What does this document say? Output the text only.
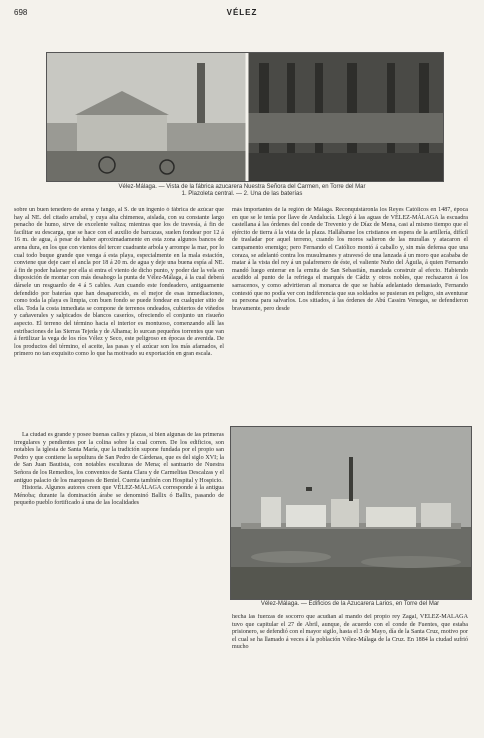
698	VÉLEZ
Vélez-Málaga. — Vista de la fábrica azucarera Nuestra Señora del Carmen, en Torre del Mar
1. Plazoleta central. — 2. Una de las baterías

sobre un buen tenedero de arena y fango, al S. de un ingenio ó fábrica de azúcar que hay al NE. del citado arrabal, y cuya alta chimenea, aislada, con su constante largo penacho de humo, sirve de excelente valiza; mientras que los de travesía, á fin de facilitar su descarga, que se hace con el auxilio de barcazas, suelen fondear por 12 á 16 m. de agua, á pesar de haber aproximadamente en esta zona algunos bancos de arena dura, en los que con vientos del tercer cuadrante arbola y arrompe la mar, por lo cual todo buque grande que venga á esta playa, especialmente en la mala estación, conviene que deje caer el ancla por 18 á 20 m. de agua y deje una buena espía al NE. á fin de poder halarse por ella si entra el viento de dicho punto, y poder dar la vela en disposición de montar con más desahogo la punta de Vélez-Málaga, á la cual deberá dársele un resguardo de 4 á 5 cables. Aun cuando este fondeadero, antiguamente defendido por baterías que han desaparecido, es el mejor de esas inmediaciones, como toda la playa es limpia, con buen fondo se puede fondear en cualquier sitio de ella. Toda la costa inmediata se compone de terrenos ondeados, cubiertos de viñedos y cañaverales y salpicados de blancos caseríos, ofreciendo el conjunto un risueño aspecto. El terreno del término hacia el interior es montuoso, comenzando allí las estribaciones de las Sierras Tejeda y de Alhama; lo surcan pequeños torrentes que van á fertilizar la vega de los ríos Vélez y Seco, este peligroso en épocas de avenida. De los productos del término, el aceite, las pasas y el azúcar son los más afamados, el primero no tan exquisito como lo que ha motivado su exportación en gran escala.

La ciudad es grande y posee buenas calles y plazas, si bien algunas de las primeras irregulares y pendientes por la colina sobre la cual corren. De los edificios, son notables la iglesia de Santa María, que la tradición supone fundada por el propio san Pedro y que contiene la sepultura de San Pedro de Cárdenas, que es del siglo XVI; la de San Juan Bautista, con notables esculturas de Mena; el santuario de Nuestra Señora de los Remedios, los conventos de Santa Clara y de Carmelitas Descalzas y el antiguo palacio de los marqueses de Beniel. Cuenta también con Hospital y Hospicio.

Historia. Algunos autores creen que VÉLEZ-MÁLAGA corresponde á la antigua Ménoba; durante la dominación árabe se denominó Ballix ó Ballix, pasando de pequeño pueblo fortificado á una de las localidades

más importantes de la región de Málaga. Reconquistáronla los Reyes Católicos en 1487, época en que se le tenía por llave de Andalucía. Llegó á las aguas de VÉLEZ-MÁLAGA la escuadra castellana á las órdenes del conde de Trevento y de Díaz de Mena, casi al mismo tiempo que el ejército de tierra á la vista de la plaza. Hallábanse los cristianos en espera de la artillería, difícil de trasladar por aquel terreno, cuando los moros salieron de las murallas y atacaron el campamento enemigo; pero Fernando el Católico montó á caballo y, sin más defensa que una coraza, se adelantó contra los musulmanes y atravesó de una lanzada á un moro que acababa de matar á la vista del rey á un palafrenero de éste, el valiente Nuño del Águila, á quien Fernando mandó luego enterrar en la ermita de San Sebastián, mandada construir al efecto. Habiendo acudido al punto de la refriega el marqués de Cádiz y otros nobles, que rechazaron á los sarracenos, y como advirtieran al monarca de que se había adelantado demasiado, Fernando contestó que no podía ver con indiferencia que sus soldados se pusieran en peligro, sin aventurar su persona para salvarlos. Los sitiados, á las órdenes de Abú Cassim Venegas, se defendieron bravamente, pero desde

Vélez-Málaga. — Edificios de la Azucarera Larios, en Torre del Mar

hecha las fuerzas de socorro que acudían al mando del propio rey Zagal, VÉLEZ-MÁLAGA tuvo que capitular el 27 de Abril, aunque, de acuerdo con el conde de Fuentes, que estaba prisionero, se defendió con el mayor sigilo, hasta el 3 de Mayo, día de la Santa Cruz, motivo por el cual se ha llamado á veces á la población Vélez-Málaga de la Cruz. En 1884 la ciudad sufrió mucho
